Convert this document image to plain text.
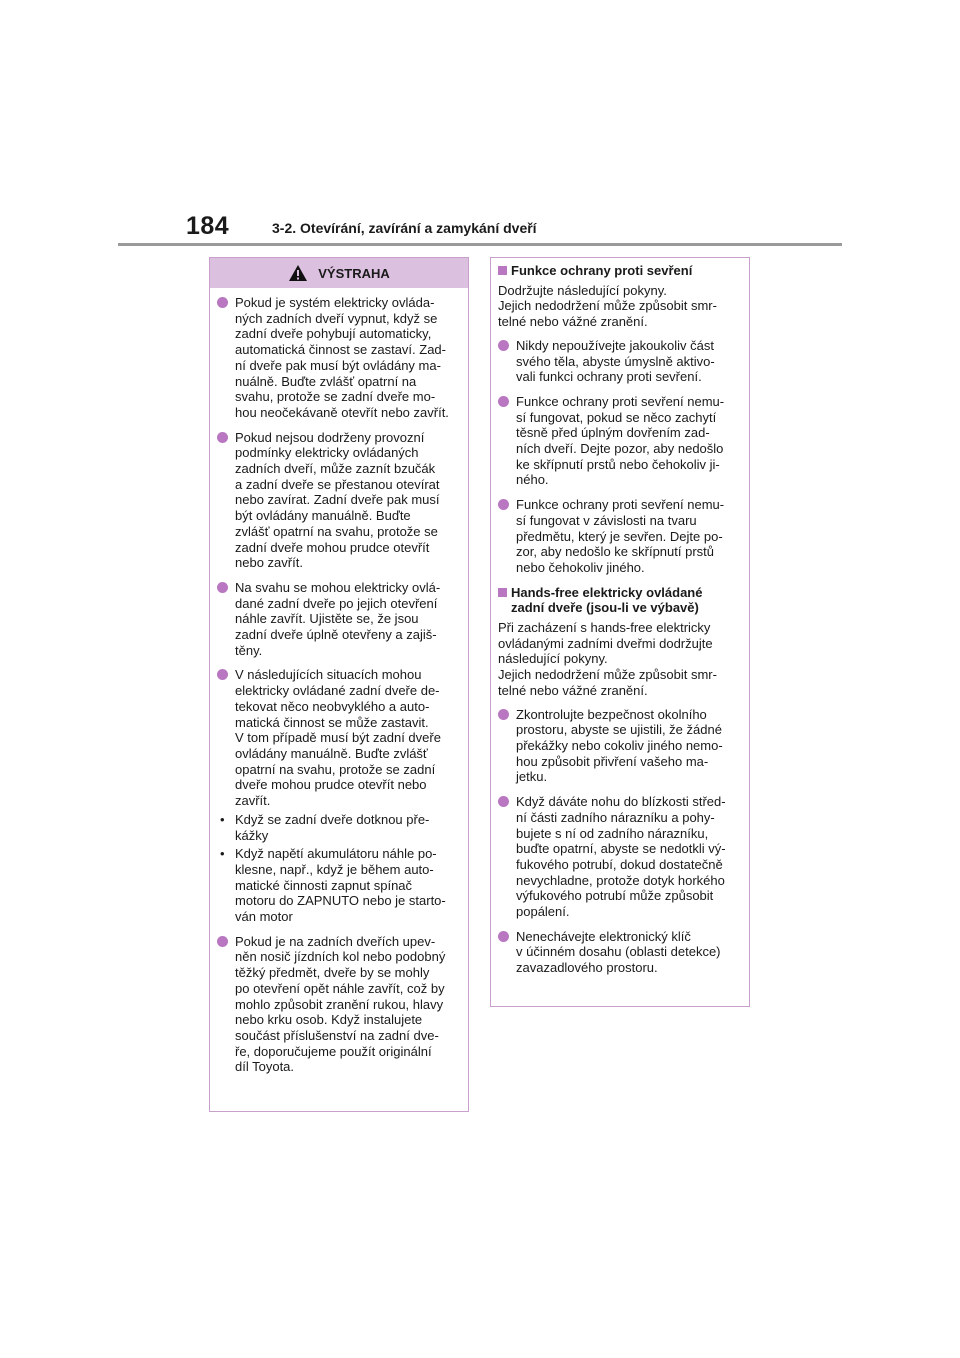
184	3-2. Otevírání, zavírání a zamykání dveří
VÝSTRAHA
Pokud je systém elektricky ovláda-
ných zadních dveří vypnut, když se
zadní dveře pohybují automaticky,
automatická činnost se zastaví. Zad-
ní dveře pak musí být ovládány ma-
nuálně. Buďte zvlášť opatrní na
svahu, protože se zadní dveře mo-
hou neočekávaně otevřít nebo zavřít.
Pokud nejsou dodrženy provozní
podmínky elektricky ovládaných
zadních dveří, může zaznít bzučák
a zadní dveře se přestanou otevírat
nebo zavírat. Zadní dveře pak musí
být ovládány manuálně. Buďte
zvlášť opatrní na svahu, protože se
zadní dveře mohou prudce otevřít
nebo zavřít.
Na svahu se mohou elektricky ovlá-
dané zadní dveře po jejich otevření
náhle zavřít. Ujistěte se, že jsou
zadní dveře úplně otevřeny a zajiš-
těny.
V následujících situacích mohou
elektricky ovládané zadní dveře de-
tekovat něco neobvyklého a auto-
matická činnost se může zastavit.
V tom případě musí být zadní dveře
ovládány manuálně. Buďte zvlášť
opatrní na svahu, protože se zadní
dveře mohou prudce otevřít nebo
zavřít.
• Když se zadní dveře dotknou pře-
kážky
• Když napětí akumulátoru náhle po-
klesne, např., když je během auto-
matické činnosti zapnut spínač
motoru do ZAPNUTO nebo je starto-
ván motor
Pokud je na zadních dveřích upev-
něn nosič jízdních kol nebo podobný
těžký předmět, dveře by se mohly
po otevření opět náhle zavřít, což by
mohlo způsobit zranění rukou, hlavy
nebo krku osob. Když instalujete
součást příslušenství na zadní dve-
ře, doporučujeme použít originální
díl Toyota.
Funkce ochrany proti sevření
Dodržujte následující pokyny.
Jejich nedodržení může způsobit smr-
telné nebo vážné zranění.
Nikdy nepoužívejte jakoukoliv část
svého těla, abyste úmyslně aktivo-
vali funkci ochrany proti sevření.
Funkce ochrany proti sevření nemu-
sí fungovat, pokud se něco zachytí
těsně před úplným dovřením zad-
ních dveří. Dejte pozor, aby nedošlo
ke skřípnutí prstů nebo čehokoliv ji-
ného.
Funkce ochrany proti sevření nemu-
sí fungovat v závislosti na tvaru
předmětu, který je sevřen. Dejte po-
zor, aby nedošlo ke skřípnutí prstů
nebo čehokoliv jiného.
Hands-free elektricky ovládané
zadní dveře (jsou-li ve výbavě)
Při zacházení s hands-free elektricky
ovládanými zadními dveřmi dodržujte
následující pokyny.
Jejich nedodržení může způsobit smr-
telné nebo vážné zranění.
Zkontrolujte bezpečnost okolního
prostoru, abyste se ujistili, že žádné
překážky nebo cokoliv jiného nemo-
hou způsobit přivření vašeho ma-
jetku.
Když dáváte nohu do blízkosti střed-
ní části zadního nárazníku a pohy-
bujete s ní od zadního nárazníku,
buďte opatrní, abyste se nedotkli vý-
fukového potrubí, dokud dostatečně
nevychladne, protože dotyk horkého
výfukového potrubí může způsobit
popálení.
Nenechávejte elektronický klíč
v účinném dosahu (oblasti detekce)
zavazadlového prostoru.
